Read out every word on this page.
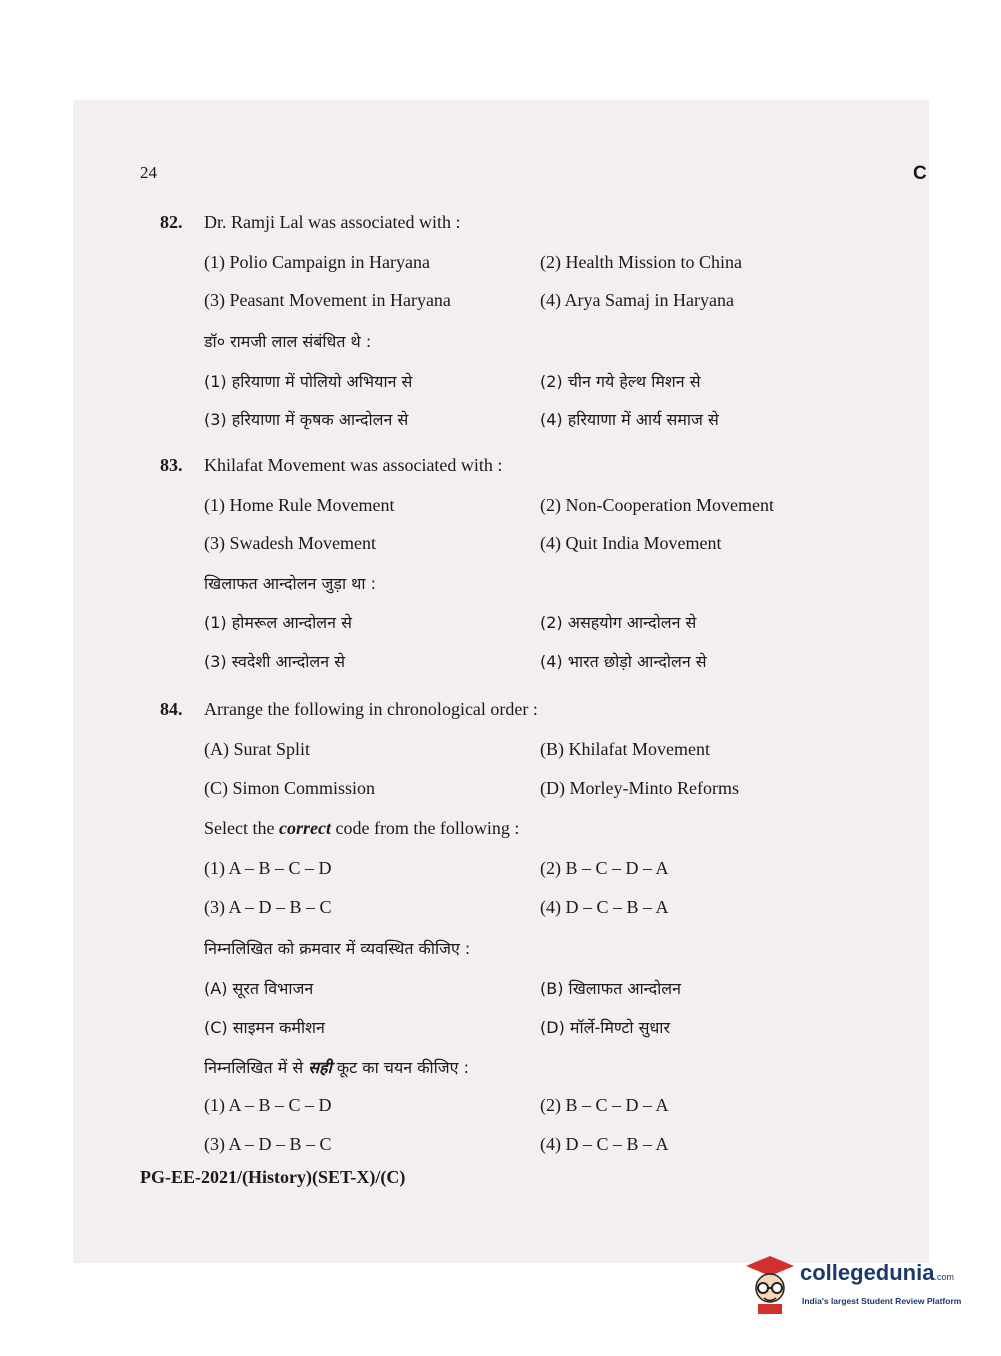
24	C
82. Dr. Ramji Lal was associated with :
(1) Polio Campaign in Haryana	(2) Health Mission to China
(3) Peasant Movement in Haryana	(4) Arya Samaj in Haryana
डॉ० रामजी लाल संबंधित थे :
(1) हरियाणा में पोलियो अभियान से	(2) चीन गये हेल्थ मिशन से
(3) हरियाणा में कृषक आन्दोलन से	(4) हरियाणा में आर्य समाज से
83. Khilafat Movement was associated with :
(1) Home Rule Movement	(2) Non-Cooperation Movement
(3) Swadesh Movement	(4) Quit India Movement
खिलाफत आन्दोलन जुड़ा था :
(1) होमरूल आन्दोलन से	(2) असहयोग आन्दोलन से
(3) स्वदेशी आन्दोलन से	(4) भारत छोड़ो आन्दोलन से
84. Arrange the following in chronological order :
(A) Surat Split	(B) Khilafat Movement
(C) Simon Commission	(D) Morley-Minto Reforms
Select the correct code from the following :
(1) A – B – C – D	(2) B – C – D – A
(3) A – D – B – C	(4) D – C – B – A
निम्नलिखित को क्रमवार में व्यवस्थित कीजिए :
(A) सूरत विभाजन	(B) खिलाफत आन्दोलन
(C) साइमन कमीशन	(D) मॉर्ले-मिण्टो सुधार
निम्नलिखित में से सही कूट का चयन कीजिए :
(1) A – B – C – D	(2) B – C – D – A
(3) A – D – B – C	(4) D – C – B – A
PG-EE-2021/(History)(SET-X)/(C)
collegedunia.com
India's largest Student Review Platform
